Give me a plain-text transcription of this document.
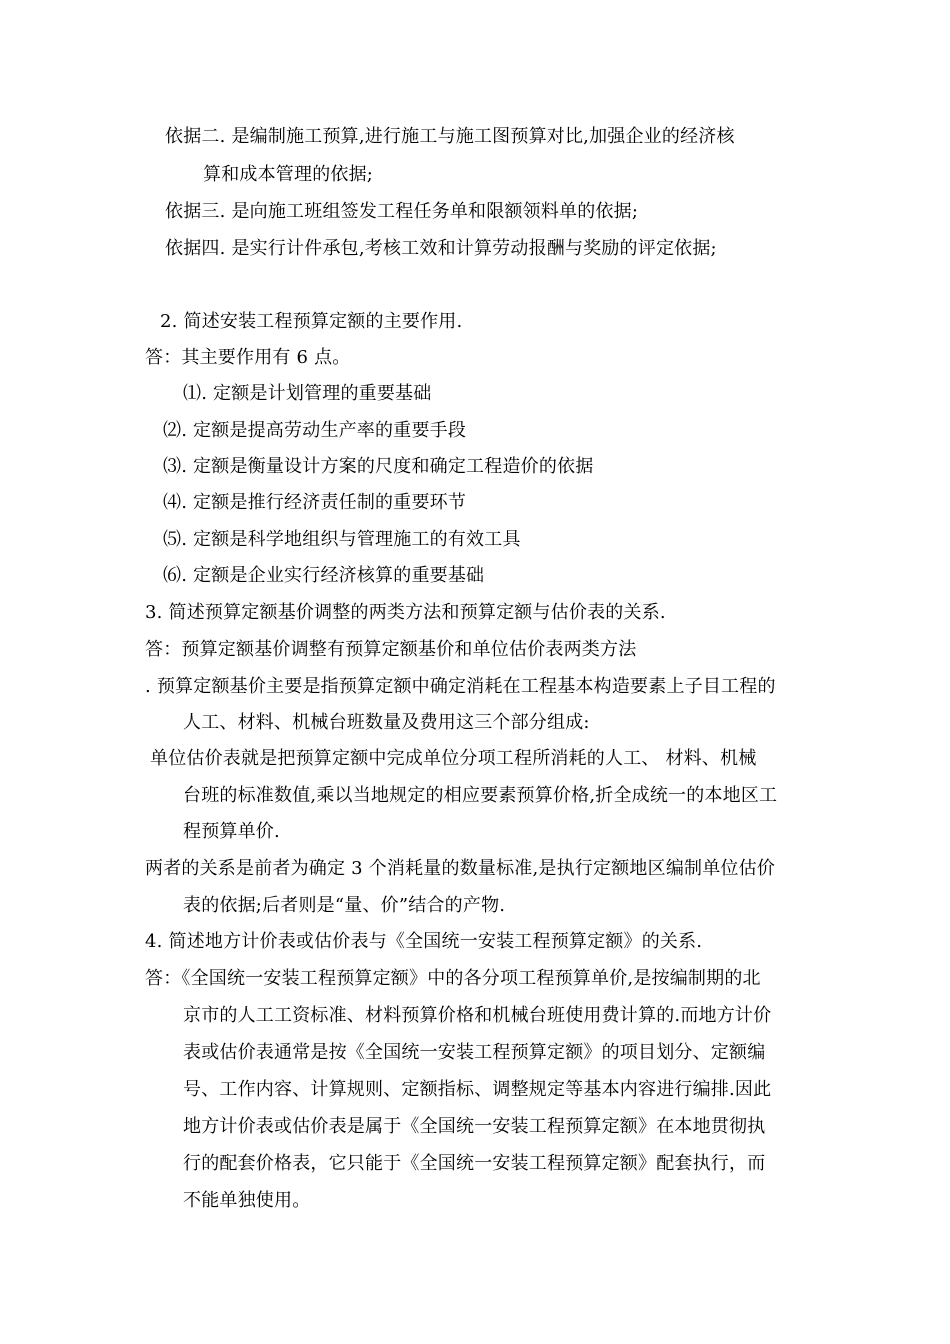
依据二. 是编制施工预算,进行施工与施工图预算对比,加强企业的经济核
算和成本管理的依据;
依据三. 是向施工班组签发工程任务单和限额领料单的依据;
依据四. 是实行计件承包,考核工效和计算劳动报酬与奖励的评定依据;
2. 简述安装工程预算定额的主要作用.
答：其主要作用有 6 点。
⑴. 定额是计划管理的重要基础
⑵. 定额是提高劳动生产率的重要手段
⑶. 定额是衡量设计方案的尺度和确定工程造价的依据
⑷. 定额是推行经济责任制的重要环节
⑸. 定额是科学地组织与管理施工的有效工具
⑹. 定额是企业实行经济核算的重要基础
3. 简述预算定额基价调整的两类方法和预算定额与估价表的关系.
答：预算定额基价调整有预算定额基价和单位估价表两类方法
. 预算定额基价主要是指预算定额中确定消耗在工程基本构造要素上子目工程的
人工、材料、机械台班数量及费用这三个部分组成:
单位估价表就是把预算定额中完成单位分项工程所消耗的人工、 材料、机械
台班的标准数值,乘以当地规定的相应要素预算价格,折全成统一的本地区工
程预算单价.
两者的关系是前者为确定 3 个消耗量的数量标准,是执行定额地区编制单位估价
表的依据;后者则是“量、价”结合的产物.
4. 简述地方计价表或估价表与《全国统一安装工程预算定额》的关系.
答：《全国统一安装工程预算定额》中的各分项工程预算单价,是按编制期的北
京市的人工工资标准、材料预算价格和机械台班使用费计算的.而地方计价
表或估价表通常是按《全国统一安装工程预算定额》的项目划分、定额编
号、工作内容、计算规则、定额指标、调整规定等基本内容进行编排.因此
地方计价表或估价表是属于《全国统一安装工程预算定额》在本地贯彻执
行的配套价格表，它只能于《全国统一安装工程预算定额》配套执行，而
不能单独使用。
